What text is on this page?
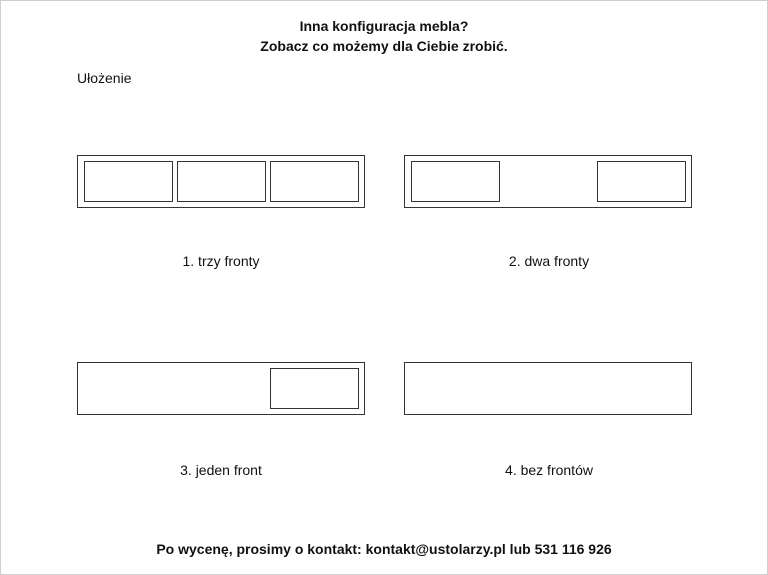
Inna konfiguracja mebla?
Zobacz co możemy dla Ciebie zrobić.
Ułożenie
1. trzy fronty	2. dwa fronty
3. jeden front	4. bez frontów
Po wycenę, prosimy o kontakt: kontakt@ustolarzy.pl lub 531 116 926
